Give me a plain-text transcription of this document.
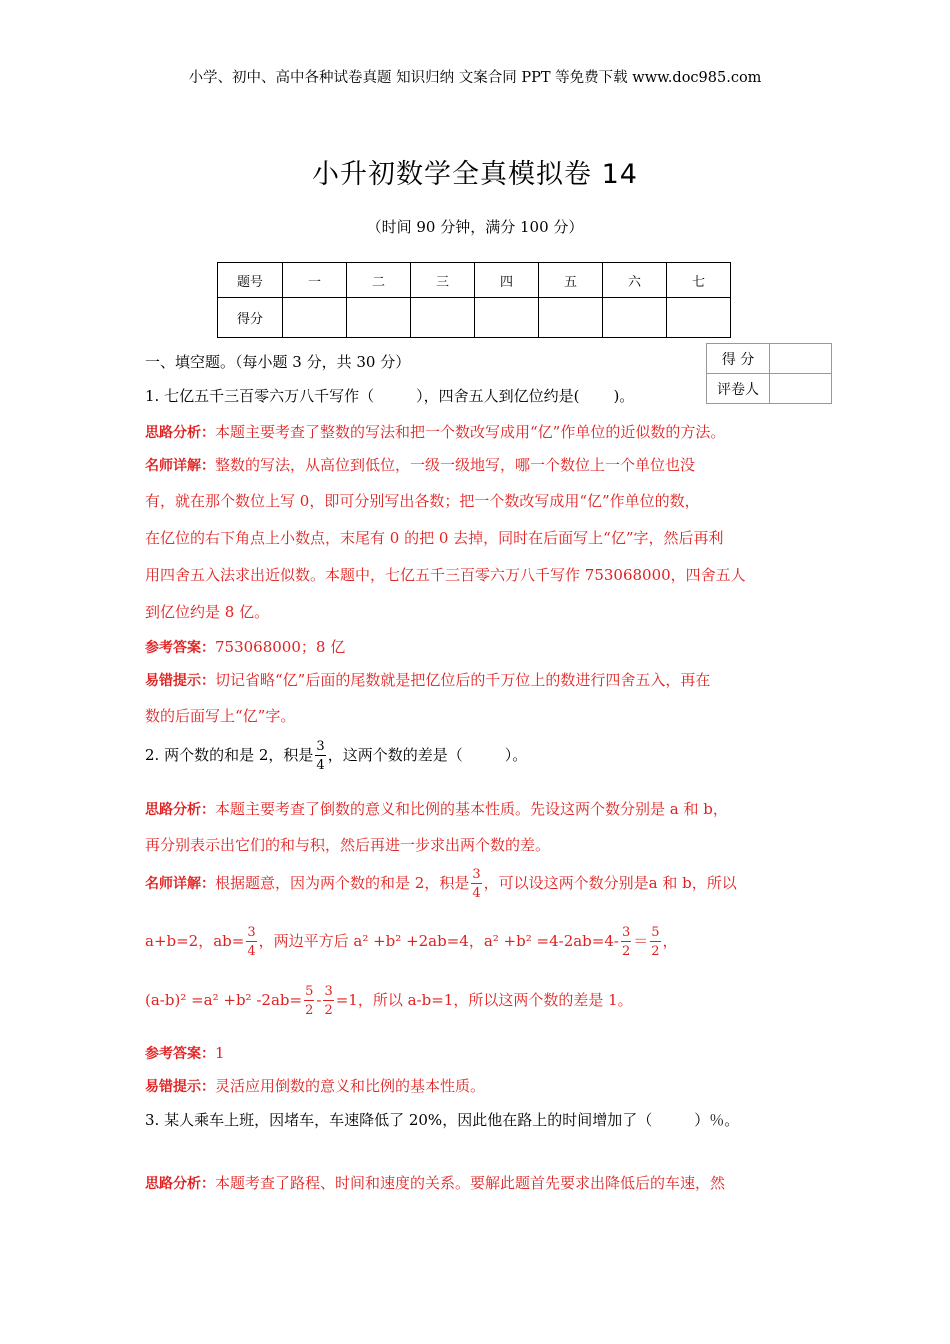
小学、初中、高中各种试卷真题 知识归纳 文案合同 PPT 等免费下载 www.doc985.com
小升初数学全真模拟卷 14
（时间 90 分钟，满分 100 分）
题号	一	二	三	四	五	六	七
得分							
得 分	
评卷人	
一、填空题。（每小题 3 分，共 30 分）
1. 七亿五千三百零六万八千写作（	），四舍五人到亿位约是( )。
思路分析：本题主要考查了整数的写法和把一个数改写成用“亿”作单位的近似数的方法。
名师详解：整数的写法，从高位到低位，一级一级地写，哪一个数位上一个单位也没
有，就在那个数位上写 0，即可分别写出各数；把一个数改写成用“亿”作单位的数，
在亿位的右下角点上小数点，末尾有 0 的把 0 去掉，同时在后面写上“亿”字，然后再利
用四舍五入法求出近似数。本题中，七亿五千三百零六万八千写作 753068000，四舍五人
到亿位约是 8 亿。
参考答案：753068000；8 亿
易错提示：切记省略“亿”后面的尾数就是把亿位后的千万位上的数进行四舍五入，再在
数的后面写上“亿”字。
2. 两个数的和是 2，积是 $\frac{3}{4}$ ，这两个数的差是（	）。
思路分析：本题主要考查了倒数的意义和比例的基本性质。先设这两个数分别是 a 和 b，
再分别表示出它们的和与积，然后再进一步求出两个数的差。
名师详解：根据题意，因为两个数的和是 2，积是 $\frac{3}{4}$ ，可以设这两个数分别是a 和 b，所以
a+b=2，$ab= \frac{3}{4}$ ，两边平方后 a² +b² +2ab=4，$a^2 +b^2 =4-2ab=4- \frac{3}{2} = \frac{5}{2}$ ，
(a-b)² =a² +b² $-2ab= \frac{5}{2} - \frac{3}{2} =1$，所以 a-b=1，所以这两个数的差是 1。
参考答案：1
易错提示：灵活应用倒数的意义和比例的基本性质。
3. 某人乘车上班，因堵车，车速降低了 20%，因此他在路上的时间增加了（	）％。
思路分析：本题考查了路程、时间和速度的关系。要解此题首先要求出降低后的车速，然
